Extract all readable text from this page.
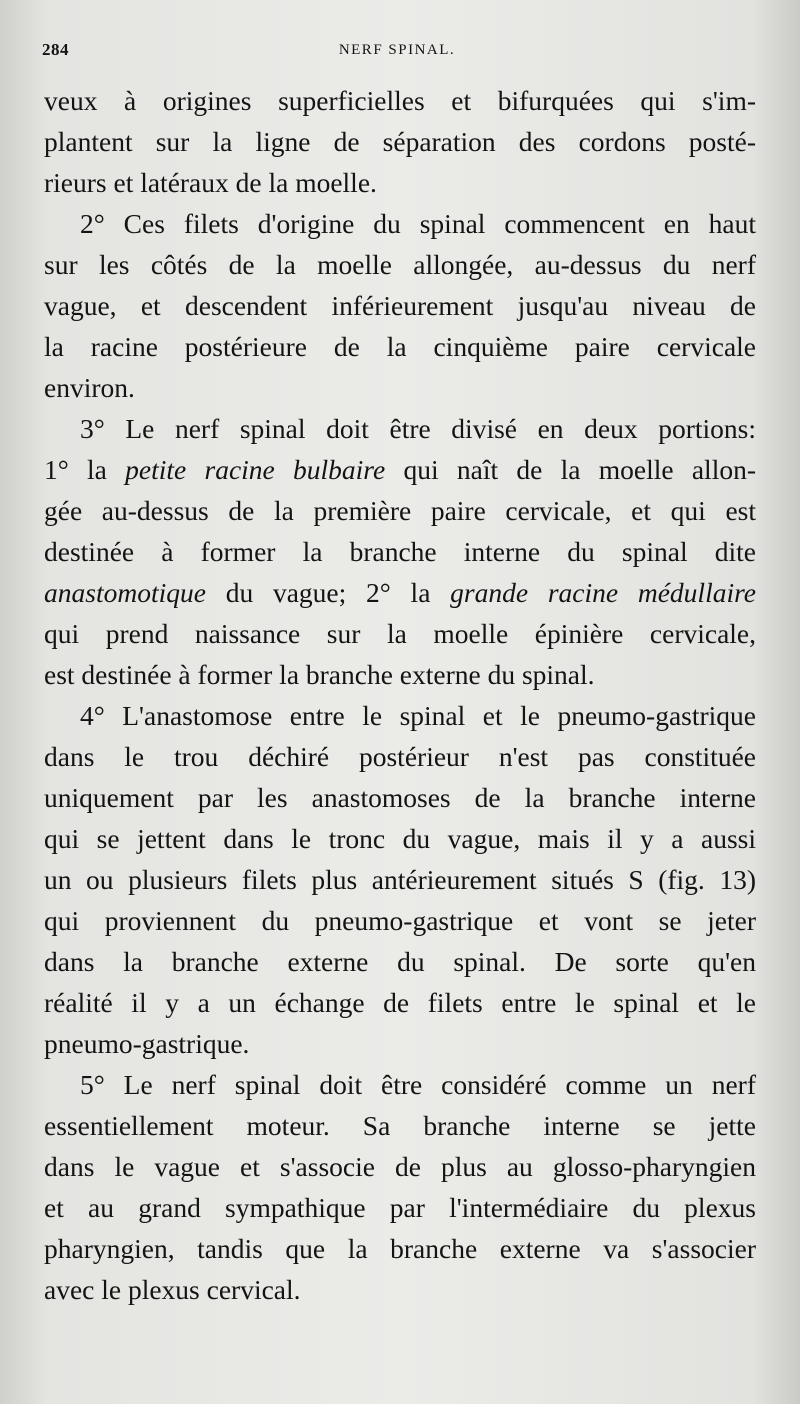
284	NERF SPINAL.
veux à origines superficielles et bifurquées qui s'im-
plantent sur la ligne de séparation des cordons posté-
rieurs et latéraux de la moelle.
2° Ces filets d'origine du spinal commencent en haut
sur les côtés de la moelle allongée, au-dessus du nerf
vague, et descendent inférieurement jusqu'au niveau de
la racine postérieure de la cinquième paire cervicale
environ.
3° Le nerf spinal doit être divisé en deux portions:
1° la petite racine bulbaire qui naît de la moelle allon-
gée au-dessus de la première paire cervicale, et qui est
destinée à former la branche interne du spinal dite
anastomotique du vague; 2° la grande racine médullaire
qui prend naissance sur la moelle épinière cervicale,
est destinée à former la branche externe du spinal.
4° L'anastomose entre le spinal et le pneumo-gastrique
dans le trou déchiré postérieur n'est pas constituée
uniquement par les anastomoses de la branche interne
qui se jettent dans le tronc du vague, mais il y a aussi
un ou plusieurs filets plus antérieurement situés S (fig. 13)
qui proviennent du pneumo-gastrique et vont se jeter
dans la branche externe du spinal. De sorte qu'en
réalité il y a un échange de filets entre le spinal et le
pneumo-gastrique.
5° Le nerf spinal doit être considéré comme un nerf
essentiellement moteur. Sa branche interne se jette
dans le vague et s'associe de plus au glosso-pharyngien
et au grand sympathique par l'intermédiaire du plexus
pharyngien, tandis que la branche externe va s'associer
avec le plexus cervical.
